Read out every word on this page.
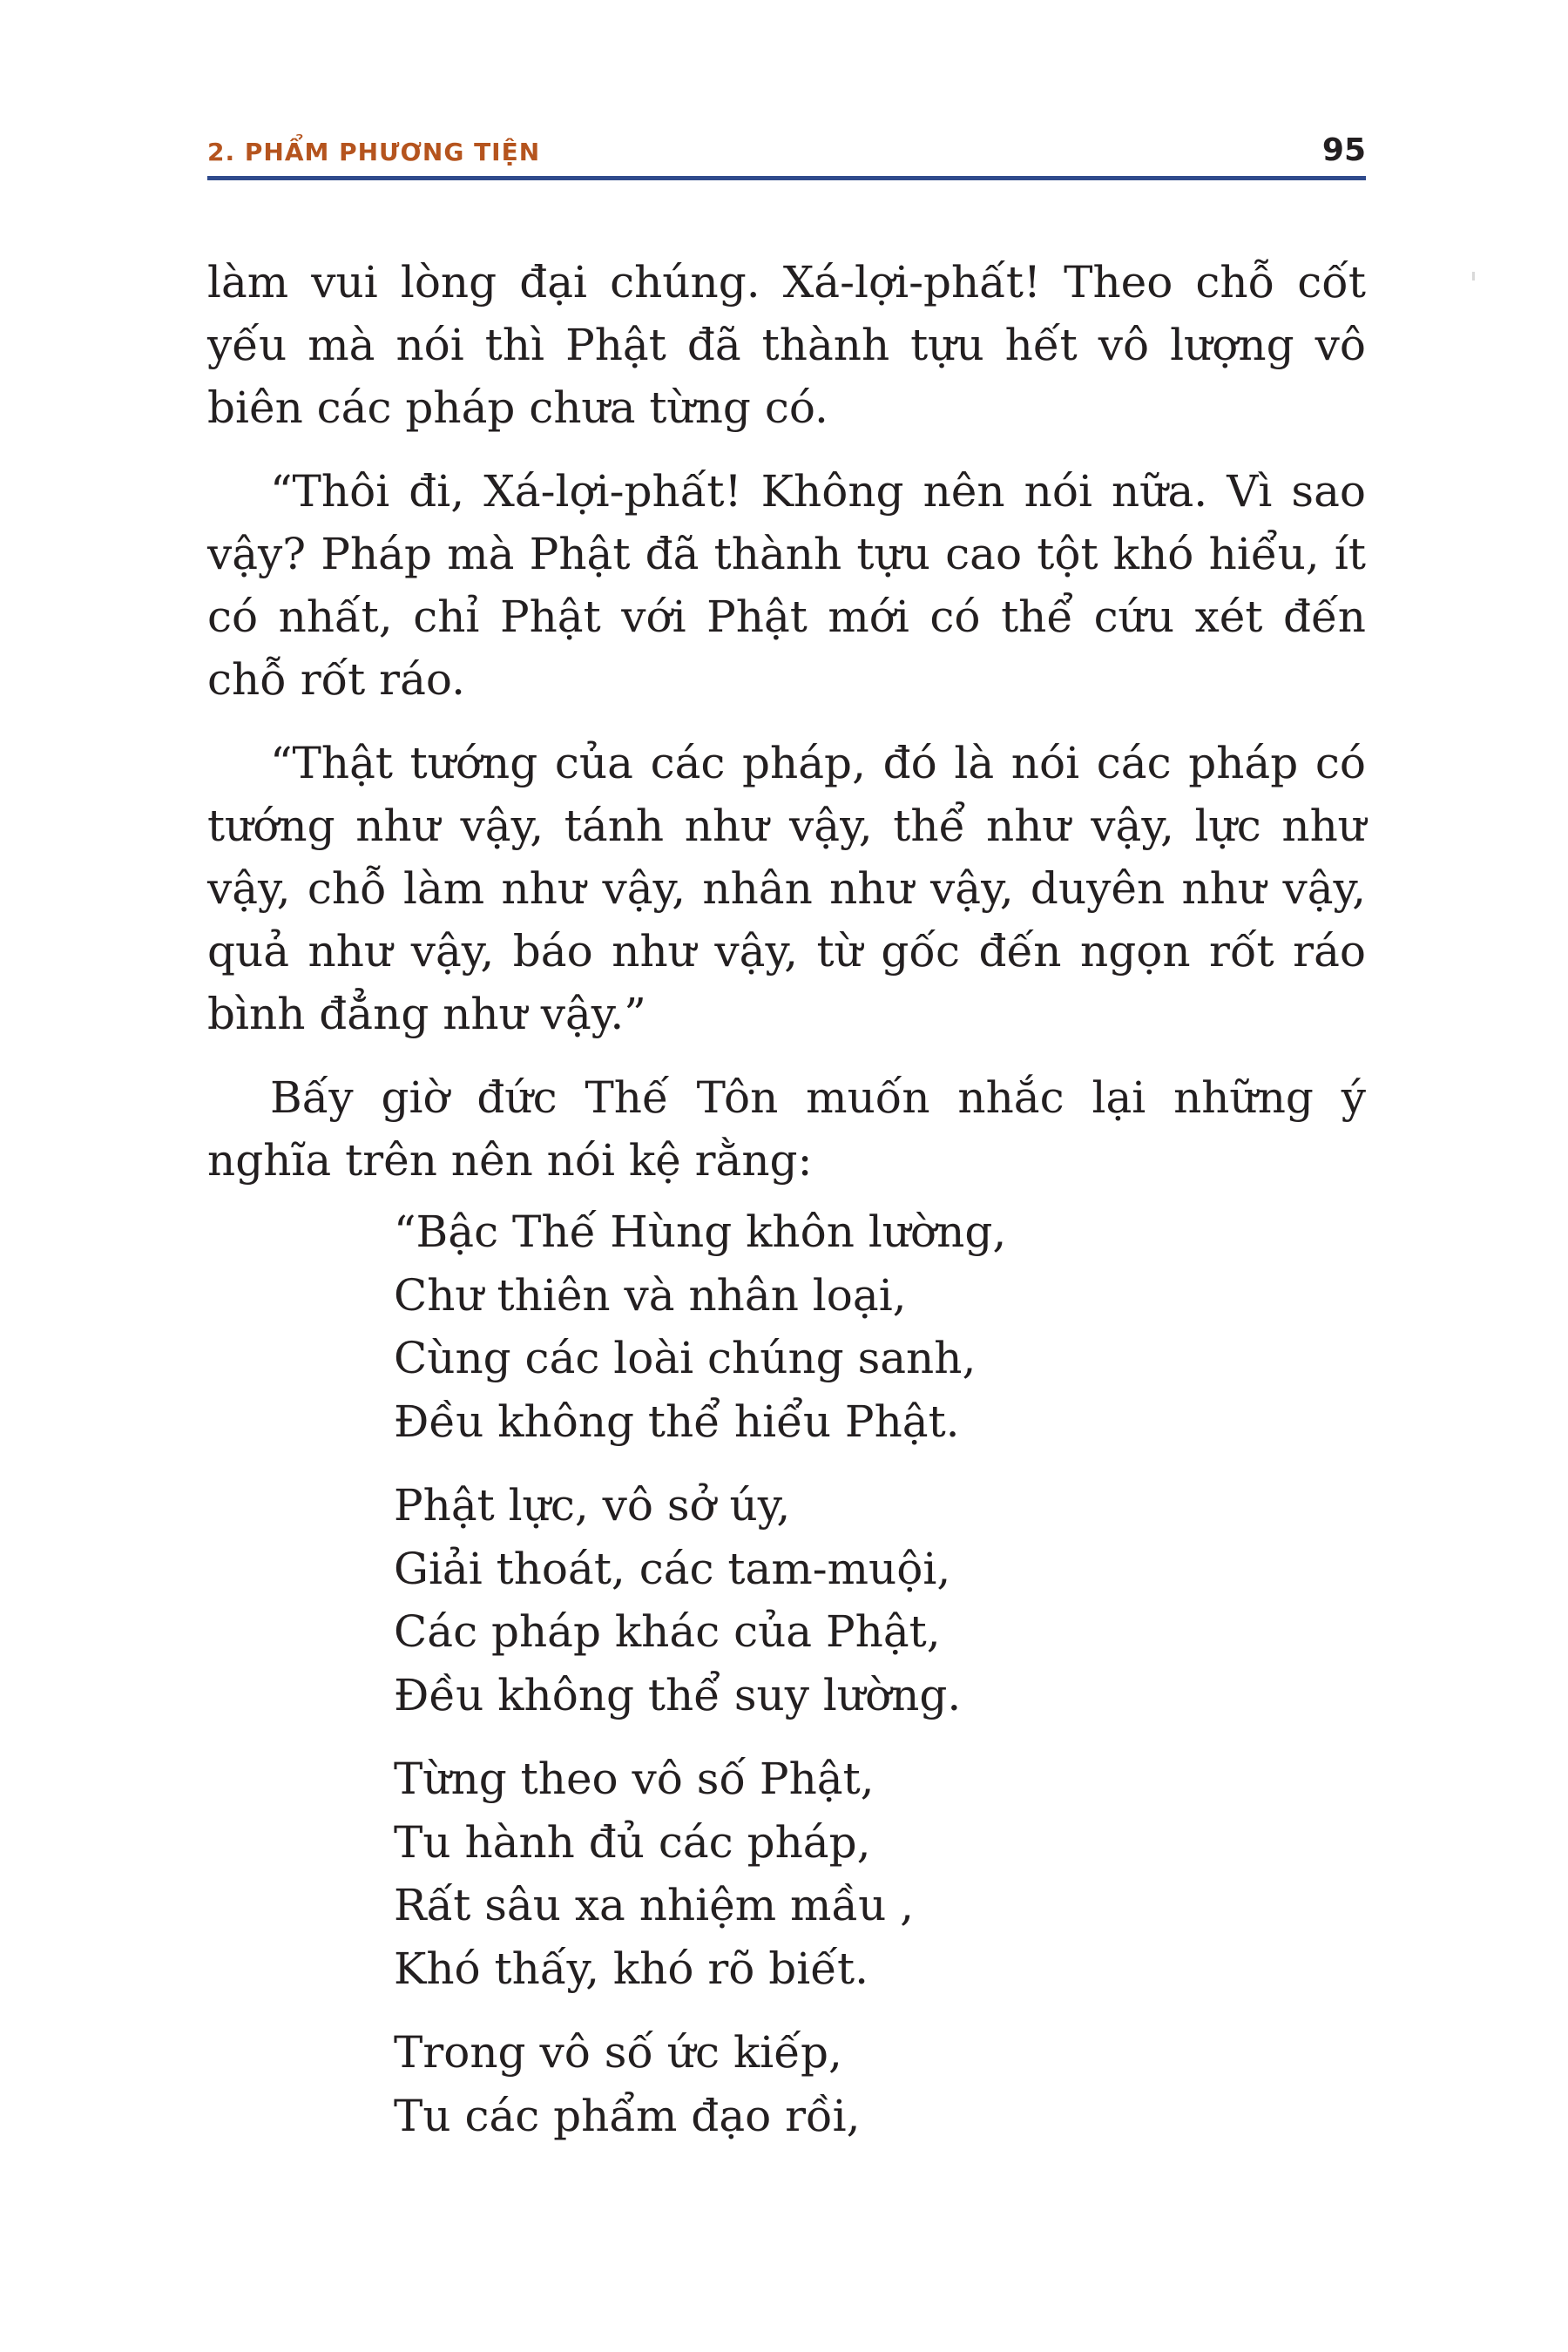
2. PHẨM PHƯƠNG TIỆN	95

làm vui lòng đại chúng. Xá-lợi-phất! Theo chỗ cốt yếu mà nói thì Phật đã thành tựu hết vô lượng vô biên các pháp chưa từng có.

“Thôi đi, Xá-lợi-phất! Không nên nói nữa. Vì sao vậy? Pháp mà Phật đã thành tựu cao tột khó hiểu, ít có nhất, chỉ Phật với Phật mới có thể cứu xét đến chỗ rốt ráo.

“Thật tướng của các pháp, đó là nói các pháp có tướng như vậy, tánh như vậy, thể như vậy, lực như vậy, chỗ làm như vậy, nhân như vậy, duyên như vậy, quả như vậy, báo như vậy, từ gốc đến ngọn rốt ráo bình đẳng như vậy.”

Bấy giờ đức Thế Tôn muốn nhắc lại những ý nghĩa trên nên nói kệ rằng:

“Bậc Thế Hùng khôn lường,
Chư thiên và nhân loại,
Cùng các loài chúng sanh,
Đều không thể hiểu Phật.
Phật lực, vô sở úy,
Giải thoát, các tam-muội,
Các pháp khác của Phật,
Đều không thể suy lường.
Từng theo vô số Phật,
Tu hành đủ các pháp,
Rất sâu xa nhiệm mầu ,
Khó thấy, khó rõ biết.
Trong vô số ức kiếp,
Tu các phẩm đạo rồi,
